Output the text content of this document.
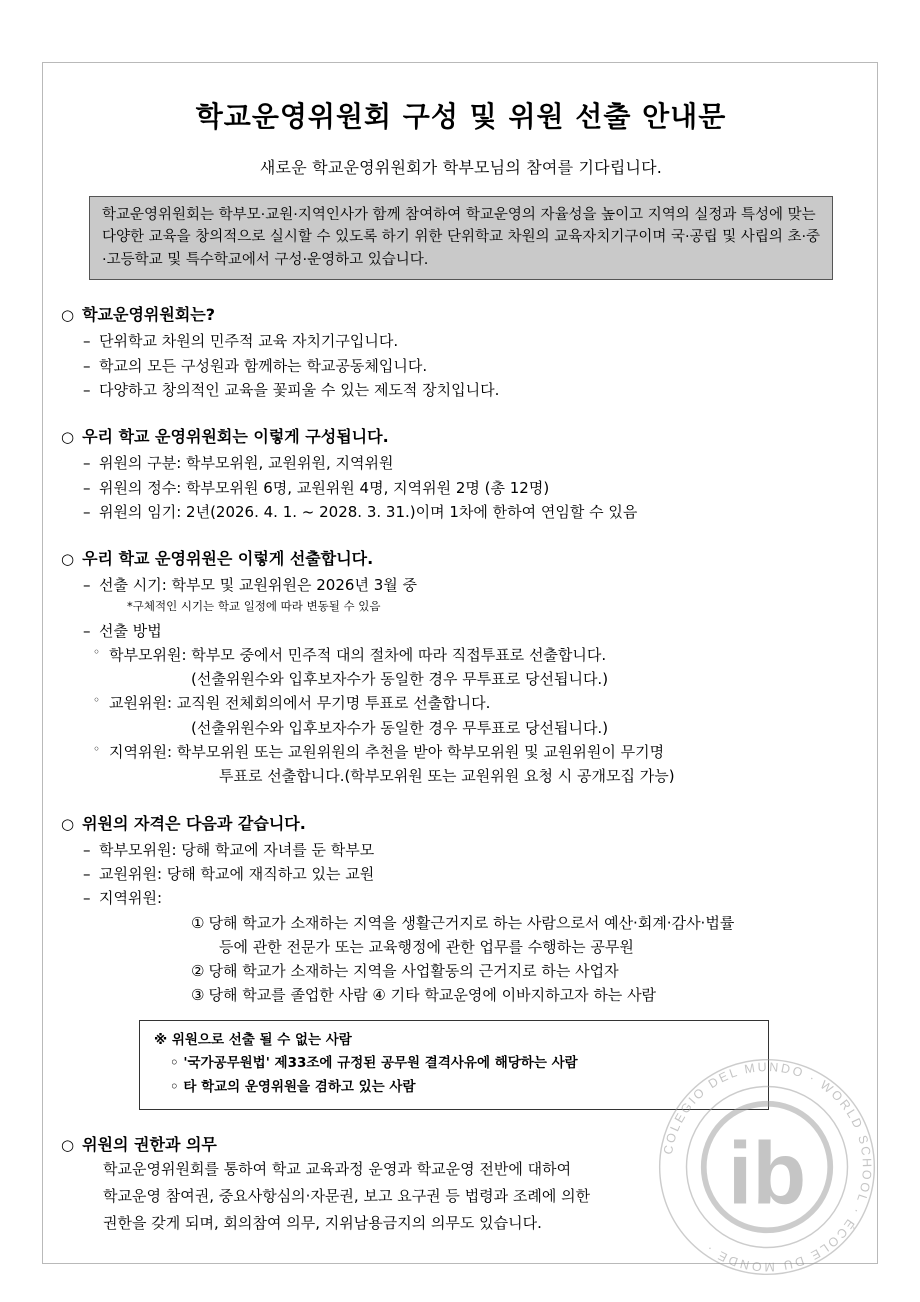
학교운영위원회 구성 및 위원 선출 안내문
새로운 학교운영위원회가 학부모님의 참여를 기다립니다.
학교운영위원회는 학부모·교원·지역인사가 함께 참여하여 학교운영의 자율성을 높이고 지역의 실정과 특성에 맞는 다양한 교육을 창의적으로 실시할 수 있도록 하기 위한 단위학교 차원의 교육자치기구이며 국·공립 및 사립의 초·중·고등학교 및 특수학교에서 구성·운영하고 있습니다.
○ 학교운영위원회는?
– 단위학교 차원의 민주적 교육 자치기구입니다.
– 학교의 모든 구성원과 함께하는 학교공동체입니다.
– 다양하고 창의적인 교육을 꽃피울 수 있는 제도적 장치입니다.
○ 우리 학교 운영위원회는 이렇게 구성됩니다.
– 위원의 구분: 학부모위원, 교원위원, 지역위원
– 위원의 정수: 학부모위원 6명, 교원위원 4명, 지역위원 2명 (총 12명)
– 위원의 임기: 2년(2026. 4. 1. ~ 2028. 3. 31.)이며 1차에 한하여 연임할 수 있음
○ 우리 학교 운영위원은 이렇게 선출합니다.
– 선출 시기: 학부모 및 교원위원은 2026년 3월 중
*구체적인 시기는 학교 일정에 따라 변동될 수 있음
– 선출 방법
◦ 학부모위원: 학부모 중에서 민주적 대의 절차에 따라 직접투표로 선출합니다.
(선출위원수와 입후보자수가 동일한 경우 무투표로 당선됩니다.)
◦ 교원위원: 교직원 전체회의에서 무기명 투표로 선출합니다.
(선출위원수와 입후보자수가 동일한 경우 무투표로 당선됩니다.)
◦ 지역위원: 학부모위원 또는 교원위원의 추천을 받아 학부모위원 및 교원위원이 무기명
투표로 선출합니다.(학부모위원 또는 교원위원 요청 시 공개모집 가능)
○ 위원의 자격은 다음과 같습니다.
– 학부모위원: 당해 학교에 자녀를 둔 학부모
– 교원위원: 당해 학교에 재직하고 있는 교원
– 지역위원:
① 당해 학교가 소재하는 지역을 생활근거지로 하는 사람으로서 예산·회계·감사·법률
등에 관한 전문가 또는 교육행정에 관한 업무를 수행하는 공무원
② 당해 학교가 소재하는 지역을 사업활동의 근거지로 하는 사업자
③ 당해 학교를 졸업한 사람 ④ 기타 학교운영에 이바지하고자 하는 사람
※ 위원으로 선출 될 수 없는 사람
◦ '국가공무원법' 제33조에 규정된 공무원 결격사유에 해당하는 사람
◦ 타 학교의 운영위원을 겸하고 있는 사람
○ 위원의 권한과 의무
학교운영위원회를 통하여 학교 교육과정 운영과 학교운영 전반에 대하여
학교운영 참여권, 중요사항심의·자문권, 보고 요구권 등 법령과 조례에 의한
권한을 갖게 되며, 회의참여 의무, 지위남용금지의 의무도 있습니다.
COLEGIO DEL MUNDO · WORLD SCHOOL · ÉCOLE DU MONDE ·
ib
